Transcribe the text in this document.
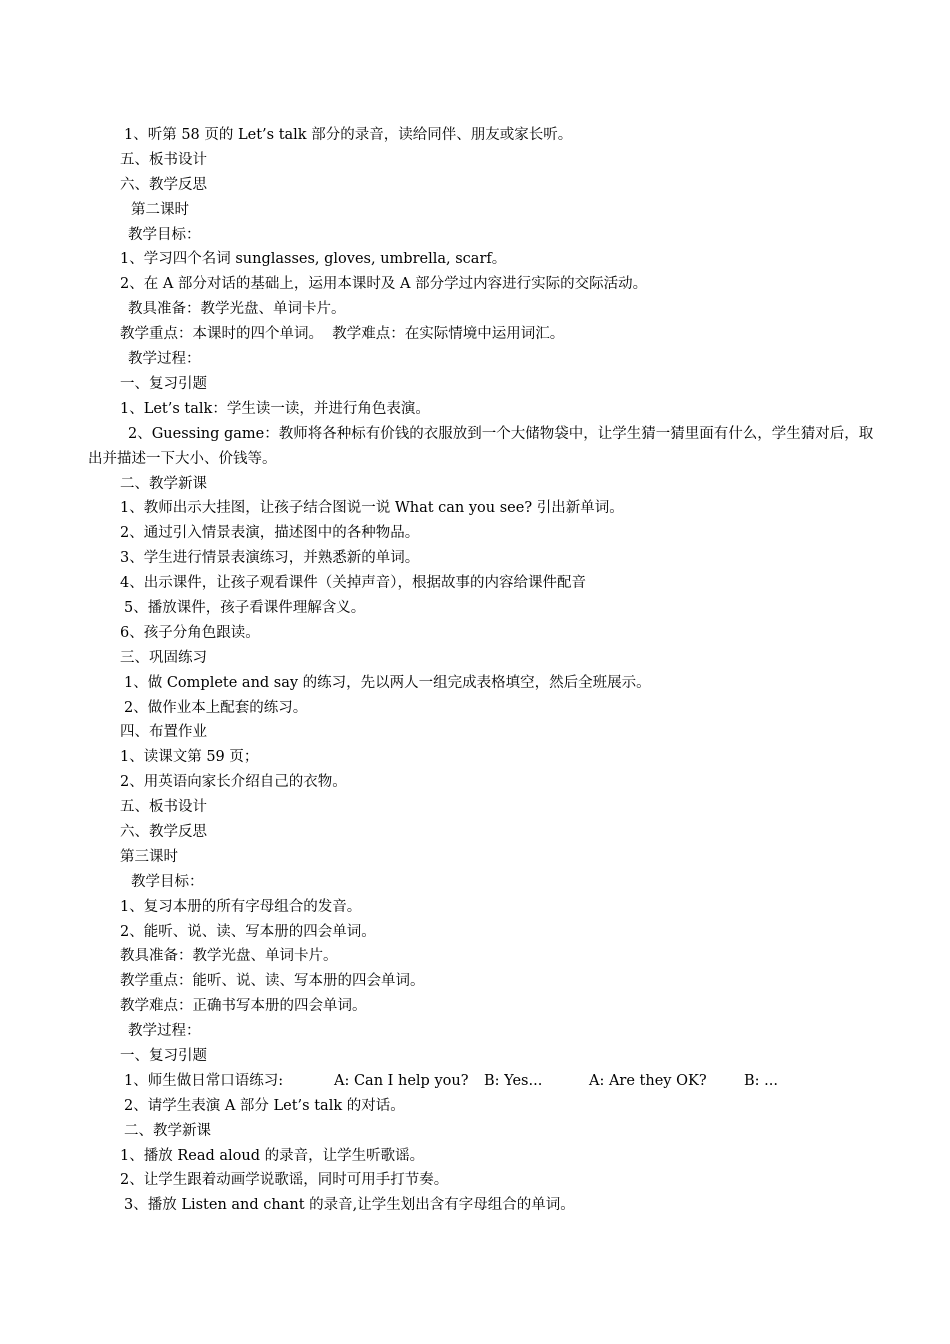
1、听第 58 页的 Let’s talk 部分的录音，读给同伴、朋友或家长听。
五、板书设计
六、教学反思
第二课时
教学目标：
1、学习四个名词 sunglasses, gloves, umbrella, scarf。
2、在 A 部分对话的基础上，运用本课时及 A 部分学过内容进行实际的交际活动。
教具准备：教学光盘、单词卡片。
教学重点：本课时的四个单词。  教学难点：在实际情境中运用词汇。
教学过程：
一、复习引题
1、Let’s talk：学生读一读，并进行角色表演。
2、Guessing game：教师将各种标有价钱的衣服放到一个大储物袋中，让学生猜一猜里面有什么，学生猜对后，取出并描述一下大小、价钱等。
二、教学新课
1、教师出示大挂图，让孩子结合图说一说 What can you see? 引出新单词。
2、通过引入情景表演，描述图中的各种物品。
3、学生进行情景表演练习，并熟悉新的单词。
4、出示课件，让孩子观看课件（关掉声音），根据故事的内容给课件配音
5、播放课件，孩子看课件理解含义。
6、孩子分角色跟读。
三、巩固练习
1、做 Complete and say 的练习，先以两人一组完成表格填空，然后全班展示。
2、做作业本上配套的练习。
四、布置作业
1、读课文第 59 页；
2、用英语向家长介绍自己的衣物。
五、板书设计
六、教学反思
第三课时
教学目标：
1、复习本册的所有字母组合的发音。
2、能听、说、读、写本册的四会单词。
教具准备：教学光盘、单词卡片。
教学重点：能听、说、读、写本册的四会单词。
教学难点：正确书写本册的四会单词。
教学过程：
一、复习引题
1、师生做日常口语练习:	A: Can I help you?	B: Yes...	A: Are they OK?	B: ...
2、请学生表演 A 部分 Let’s talk 的对话。
二、教学新课
1、播放 Read aloud 的录音，让学生听歌谣。
2、让学生跟着动画学说歌谣，同时可用手打节奏。
3、播放 Listen and chant 的录音,让学生划出含有字母组合的单词。
